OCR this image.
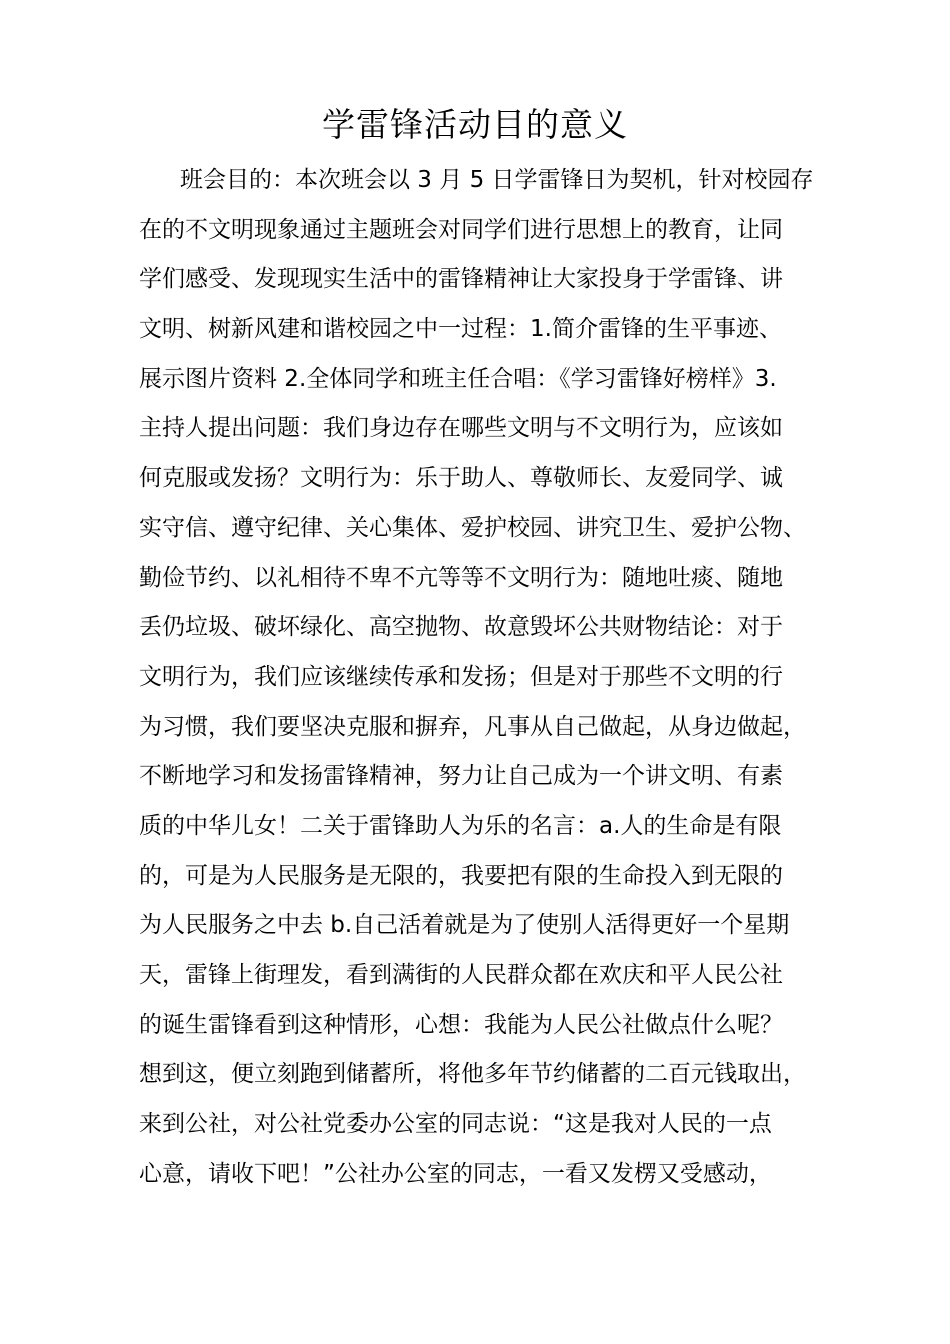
学雷锋活动目的意义
班会目的：本次班会以 3 月 5 日学雷锋日为契机，针对校园存
在的不文明现象通过主题班会对同学们进行思想上的教育，让同
学们感受、发现现实生活中的雷锋精神让大家投身于学雷锋、讲
文明、树新风建和谐校园之中一过程：1.简介雷锋的生平事迹、
展示图片资料 2.全体同学和班主任合唱：《学习雷锋好榜样》3.
主持人提出问题：我们身边存在哪些文明与不文明行为，应该如
何克服或发扬？文明行为：乐于助人、尊敬师长、友爱同学、诚
实守信、遵守纪律、关心集体、爱护校园、讲究卫生、爱护公物、
勤俭节约、以礼相待不卑不亢等等不文明行为：随地吐痰、随地
丢仍垃圾、破坏绿化、高空抛物、故意毁坏公共财物结论：对于
文明行为，我们应该继续传承和发扬；但是对于那些不文明的行
为习惯，我们要坚决克服和摒弃，凡事从自己做起，从身边做起，
不断地学习和发扬雷锋精神，努力让自己成为一个讲文明、有素
质的中华儿女！二关于雷锋助人为乐的名言：a.人的生命是有限
的，可是为人民服务是无限的，我要把有限的生命投入到无限的
为人民服务之中去 b.自己活着就是为了使别人活得更好一个星期
天，雷锋上街理发，看到满街的人民群众都在欢庆和平人民公社
的诞生雷锋看到这种情形，心想：我能为人民公社做点什么呢？
想到这，便立刻跑到储蓄所，将他多年节约储蓄的二百元钱取出，
来到公社，对公社党委办公室的同志说：“这是我对人民的一点
心意，请收下吧！”公社办公室的同志，一看又发楞又受感动，
